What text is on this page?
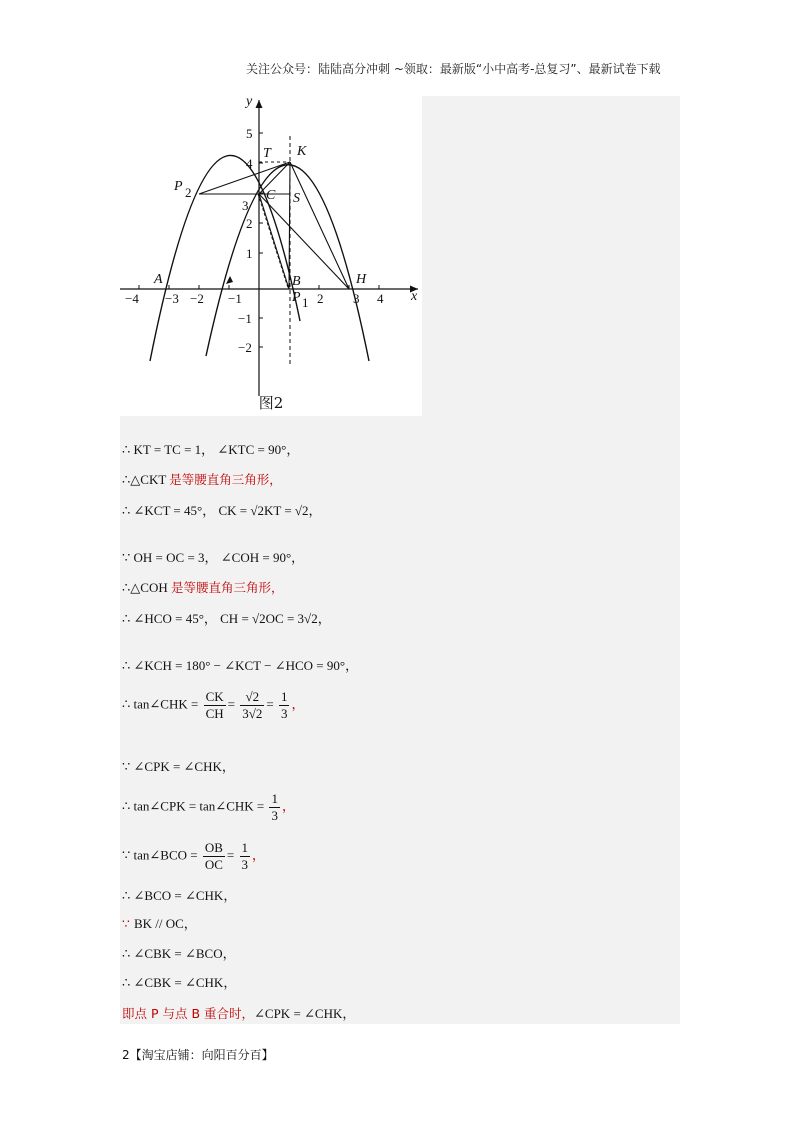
关注公众号：陆陆高分冲刺 ~领取：最新版“小中高考-总复习”、最新试卷下载
y
x
−4 −3 −2 −1	2 3 4
5
4
3
2
1
−1
−2
A	B
C
H
K
T
S
P 2
P 1
图2
∴ KT = TC = 1， ∠KTC = 90°，
∴△CKT 是等腰直角三角形，
∴ ∠KCT = 45°， CK = √2KT = √2，
∵ OH = OC = 3， ∠COH = 90°，
∴△COH 是等腰直角三角形，
∴ ∠HCO = 45°， CH = √2OC = 3√2，
∴ ∠KCH = 180° − ∠KCT − ∠HCO = 90°，
∴ tan∠CHK = $\frac{CK}{CH} = \frac{√2}{3√2} = \frac{1}{3}$ ，
∵ ∠CPK = ∠CHK，
∴ tan∠CPK = tan∠CHK = $\frac{1}{3}$ ，
∵ tan∠BCO = $\frac{OB}{OC} = \frac{1}{3}$ ，
∴ ∠BCO = ∠CHK，
∵ BK // OC，
∴ ∠CBK = ∠BCO，
∴ ∠CBK = ∠CHK，
即点 P 与点 B 重合时，∠CPK = ∠CHK，
2【淘宝店铺：向阳百分百】
